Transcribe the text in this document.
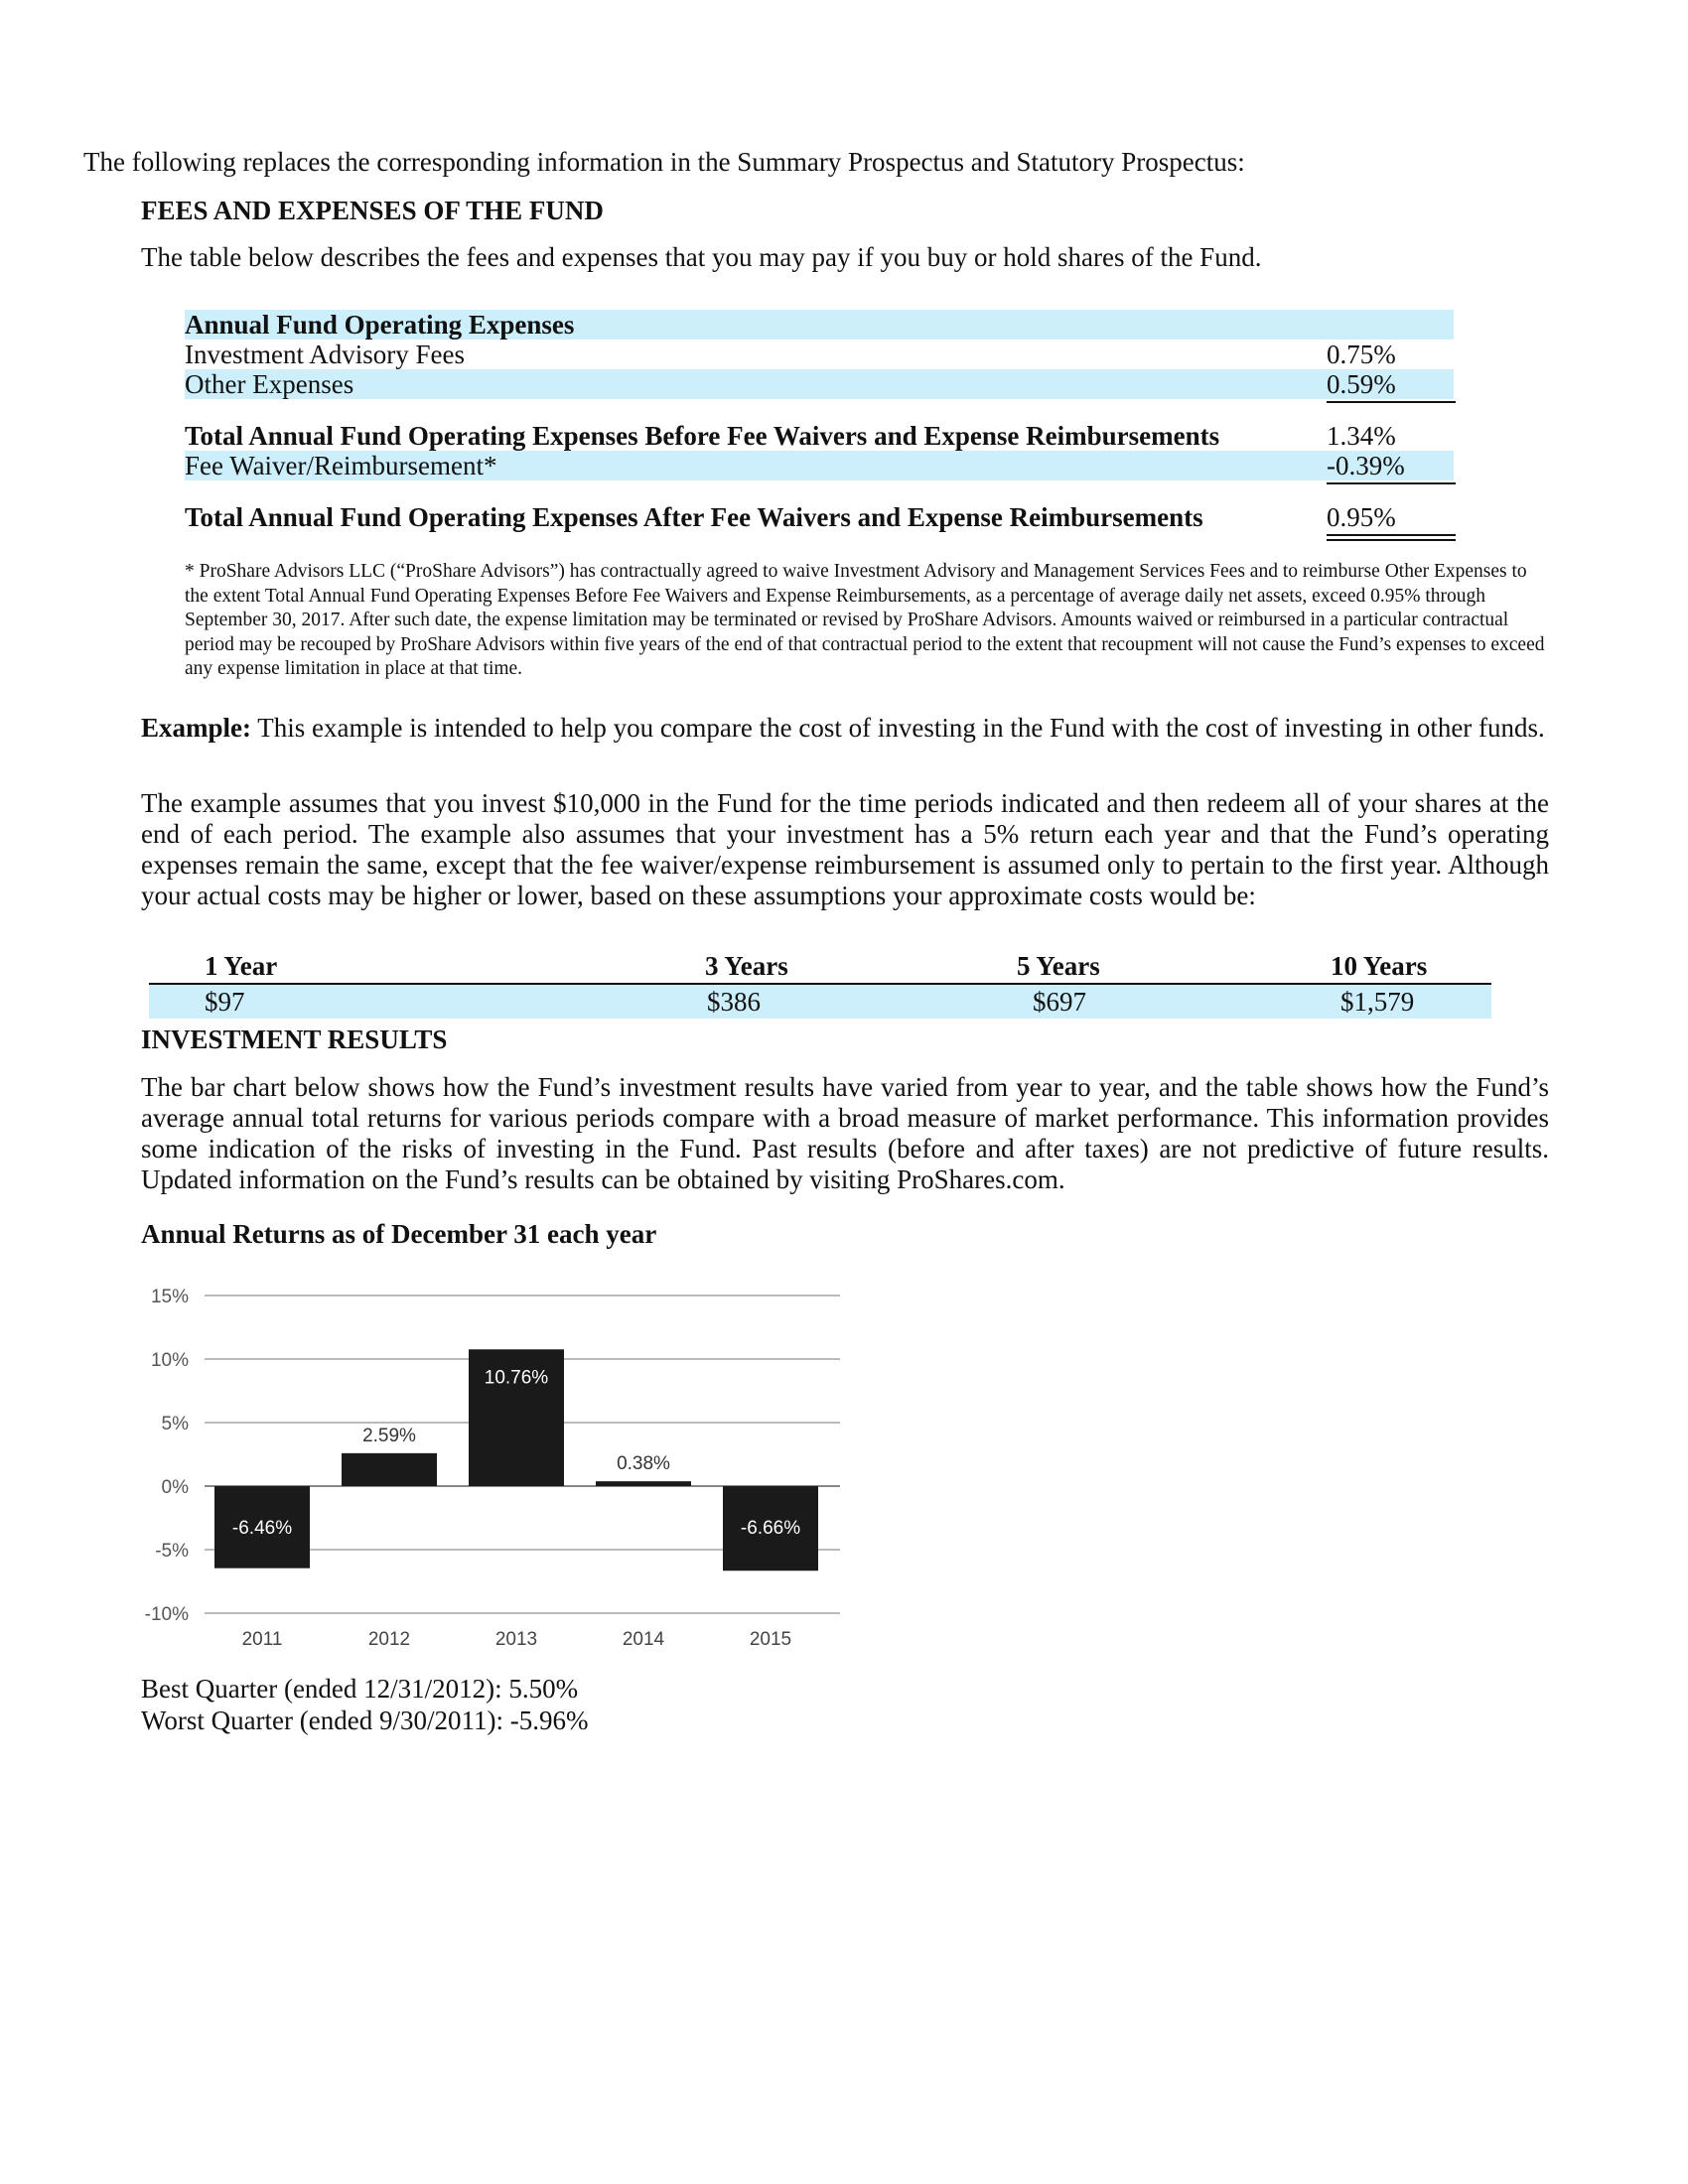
The following replaces the corresponding information in the Summary Prospectus and Statutory Prospectus:
FEES AND EXPENSES OF THE FUND
The table below describes the fees and expenses that you may pay if you buy or hold shares of the Fund.
Annual Fund Operating Expenses
Investment Advisory Fees	0.75%
Other Expenses	0.59%
Total Annual Fund Operating Expenses Before Fee Waivers and Expense Reimbursements	1.34%
Fee Waiver/Reimbursement*	-0.39%
Total Annual Fund Operating Expenses After Fee Waivers and Expense Reimbursements	0.95%
* ProShare Advisors LLC (“ProShare Advisors”) has contractually agreed to waive Investment Advisory and Management Services Fees and to reimburse Other Expenses to the extent Total Annual Fund Operating Expenses Before Fee Waivers and Expense Reimbursements, as a percentage of average daily net assets, exceed 0.95% through September 30, 2017. After such date, the expense limitation may be terminated or revised by ProShare Advisors. Amounts waived or reimbursed in a particular contractual period may be recouped by ProShare Advisors within five years of the end of that contractual period to the extent that recoupment will not cause the Fund’s expenses to exceed any expense limitation in place at that time.
Example: This example is intended to help you compare the cost of investing in the Fund with the cost of investing in other funds.
The example assumes that you invest $10,000 in the Fund for the time periods indicated and then redeem all of your shares at the end of each period. The example also assumes that your investment has a 5% return each year and that the Fund’s operating expenses remain the same, except that the fee waiver/expense reimbursement is assumed only to pertain to the first year. Although your actual costs may be higher or lower, based on these assumptions your approximate costs would be:
1 Year	3 Years	5 Years	10 Years
$97	$386	$697	$1,579
INVESTMENT RESULTS
The bar chart below shows how the Fund’s investment results have varied from year to year, and the table shows how the Fund’s average annual total returns for various periods compare with a broad measure of market performance. This information provides some indication of the risks of investing in the Fund. Past results (before and after taxes) are not predictive of future results. Updated information on the Fund’s results can be obtained by visiting ProShares.com.
Annual Returns as of December 31 each year
15%
10%
5%
0%
-5%
-10%
-6.46%
2.59%
10.76%
0.38%
-6.66%
2011	2012	2013	2014	2015
Best Quarter (ended 12/31/2012): 5.50%
Worst Quarter (ended 9/30/2011): -5.96%
